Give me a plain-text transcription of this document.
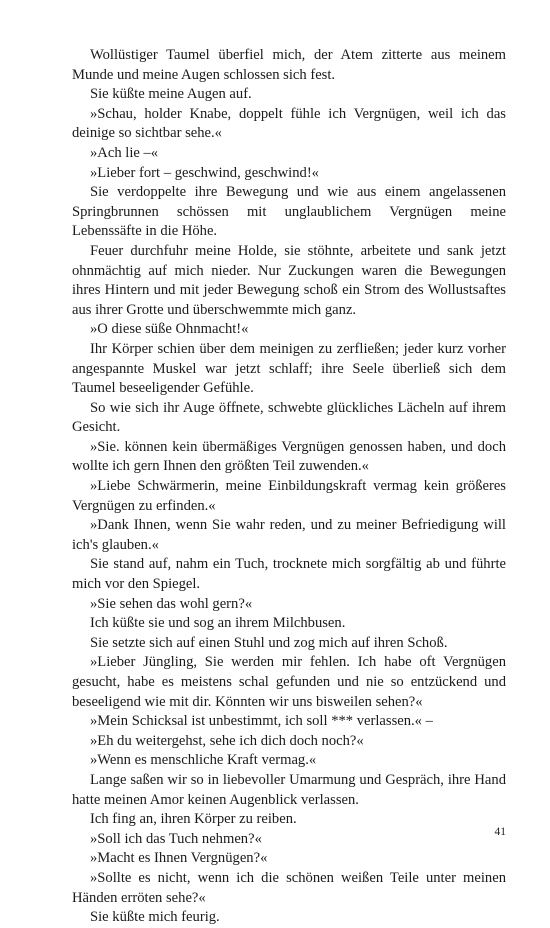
Wollüstiger Taumel überfiel mich, der Atem zitterte aus meinem Munde und meine Augen schlossen sich fest.

Sie küßte meine Augen auf.

»Schau, holder Knabe, doppelt fühle ich Vergnügen, weil ich das deinige so sichtbar sehe.«

»Ach lie –«

»Lieber fort – geschwind, geschwind!«

Sie verdoppelte ihre Bewegung und wie aus einem angelassenen Springbrunnen schössen mit unglaublichem Vergnügen meine Lebenssäfte in die Höhe.

Feuer durchfuhr meine Holde, sie stöhnte, arbeitete und sank jetzt ohnmächtig auf mich nieder. Nur Zuckungen waren die Bewegungen ihres Hintern und mit jeder Bewegung schoß ein Strom des Wollustsaftes aus ihrer Grotte und überschwemmte mich ganz.

»O diese süße Ohnmacht!«

Ihr Körper schien über dem meinigen zu zerfließen; jeder kurz vorher angespannte Muskel war jetzt schlaff; ihre Seele überließ sich dem Taumel beseeligender Gefühle.

So wie sich ihr Auge öffnete, schwebte glückliches Lächeln auf ihrem Gesicht.

»Sie. können kein übermäßiges Vergnügen genossen haben, und doch wollte ich gern Ihnen den größten Teil zuwenden.«

»Liebe Schwärmerin, meine Einbildungskraft vermag kein größeres Vergnügen zu erfinden.«

»Dank Ihnen, wenn Sie wahr reden, und zu meiner Befriedigung will ich's glauben.«

Sie stand auf, nahm ein Tuch, trocknete mich sorgfältig ab und führte mich vor den Spiegel.

»Sie sehen das wohl gern?«

Ich küßte sie und sog an ihrem Milchbusen.

Sie setzte sich auf einen Stuhl und zog mich auf ihren Schoß.

»Lieber Jüngling, Sie werden mir fehlen. Ich habe oft Vergnügen gesucht, habe es meistens schal gefunden und nie so entzückend und beseeligend wie mit dir. Könnten wir uns bisweilen sehen?«

»Mein Schicksal ist unbestimmt, ich soll *** verlassen.« –

»Eh du weitergehst, sehe ich dich doch noch?«

»Wenn es menschliche Kraft vermag.«

Lange saßen wir so in liebevoller Umarmung und Gespräch, ihre Hand hatte meinen Amor keinen Augenblick verlassen.

Ich fing an, ihren Körper zu reiben.

»Soll ich das Tuch nehmen?«

»Macht es Ihnen Vergnügen?«

»Sollte es nicht, wenn ich die schönen weißen Teile unter meinen Händen erröten sehe?«

Sie küßte mich feurig.

41
